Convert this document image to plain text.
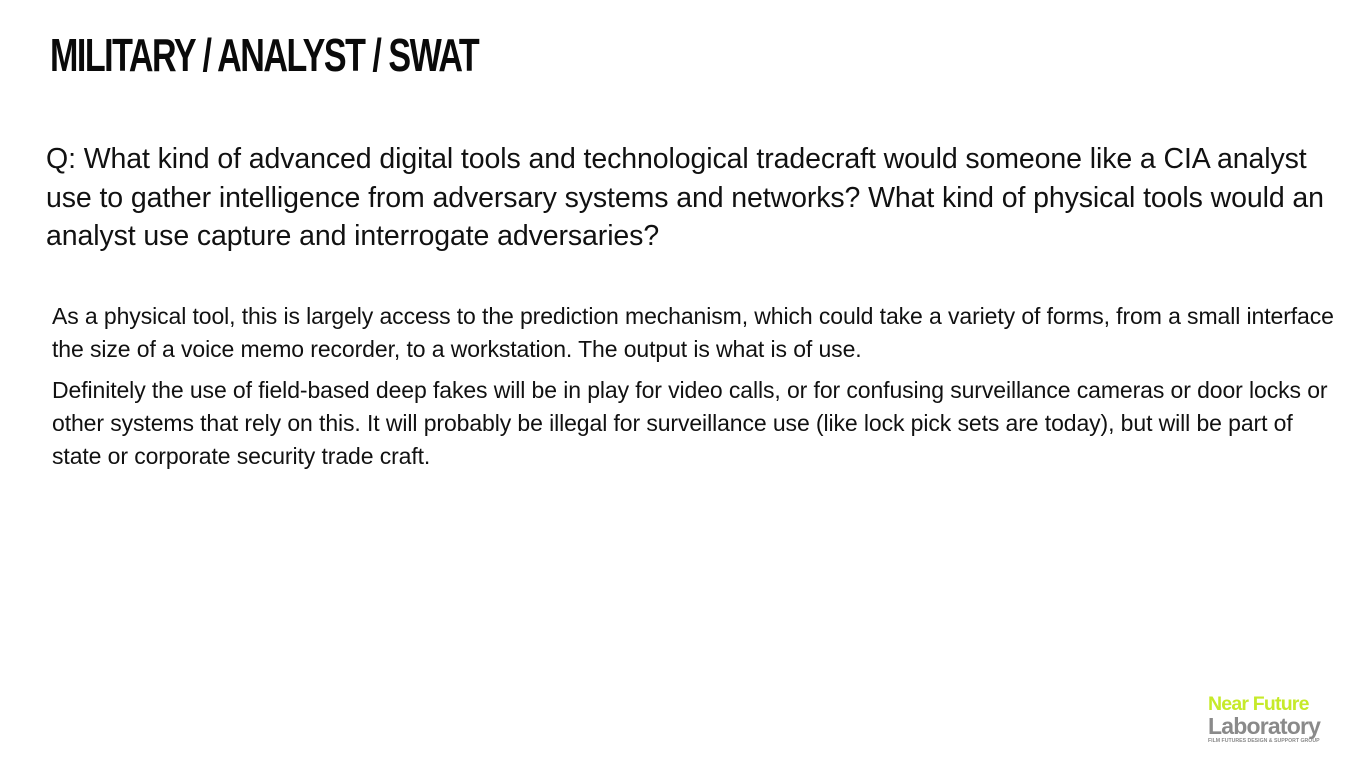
MILITARY / ANALYST / SWAT

Q: What kind of advanced digital tools and technological tradecraft would someone like a CIA analyst use to gather intelligence from adversary systems and networks? What kind of physical tools would an analyst use capture and interrogate adversaries?

As a physical tool, this is largely access to the prediction mechanism, which could take a variety of forms, from a small interface the size of a voice memo recorder, to a workstation. The output is what is of use.

Definitely the use of field-based deep fakes will be in play for video calls, or for confusing surveillance cameras or door locks or other systems that rely on this. It will probably be illegal for surveillance use (like lock pick sets are today), but will be part of state or corporate security trade craft.

Near Future
Laboratory
FILM FUTURES DESIGN & SUPPORT GROUP
